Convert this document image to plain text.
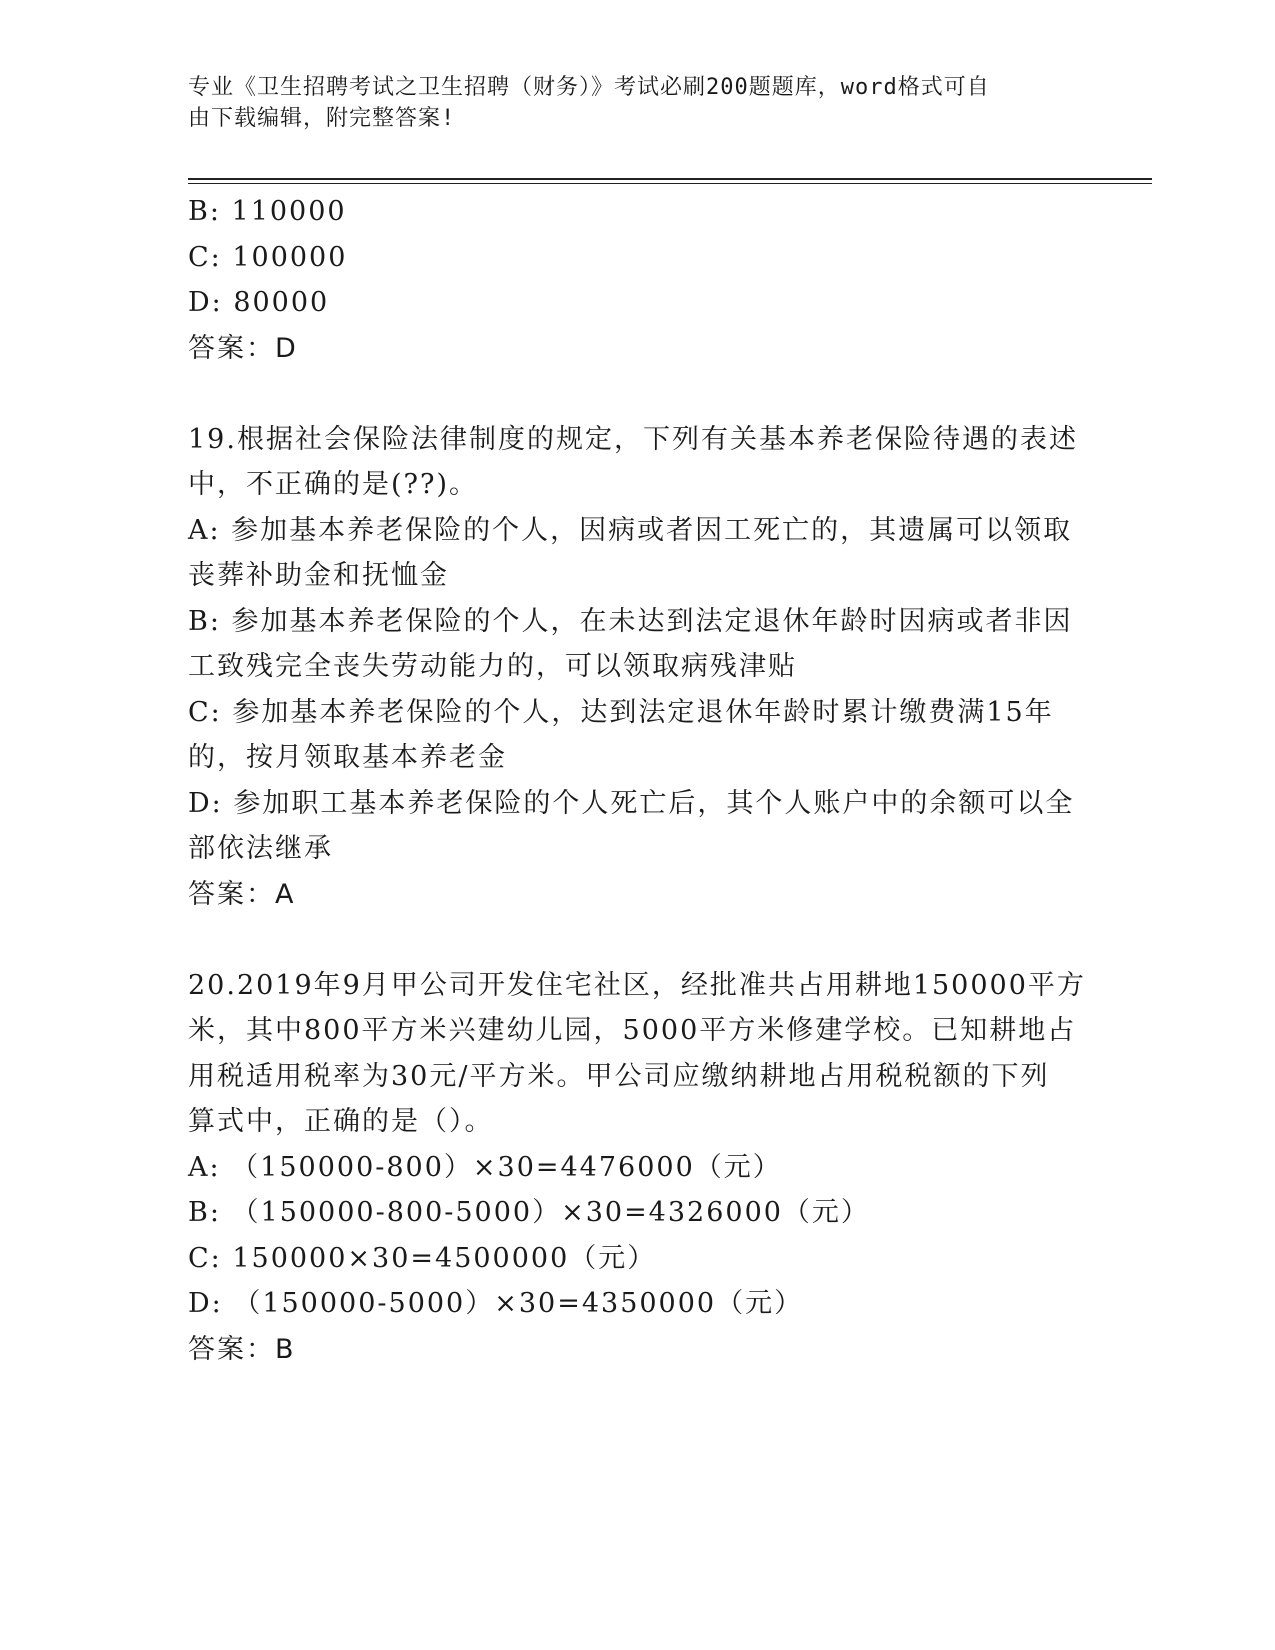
专业《卫生招聘考试之卫生招聘（财务）》考试必刷200题题库，word格式可自
由下载编辑，附完整答案!
B: 110000
C: 100000
D: 80000
答案：D
19.根据社会保险法律制度的规定，下列有关基本养老保险待遇的表述
中，不正确的是(??)。
A: 参加基本养老保险的个人，因病或者因工死亡的，其遗属可以领取
丧葬补助金和抚恤金
B: 参加基本养老保险的个人，在未达到法定退休年龄时因病或者非因
工致残完全丧失劳动能力的，可以领取病残津贴
C: 参加基本养老保险的个人，达到法定退休年龄时累计缴费满15年
的，按月领取基本养老金
D: 参加职工基本养老保险的个人死亡后，其个人账户中的余额可以全
部依法继承
答案：A
20.2019年9月甲公司开发住宅社区，经批准共占用耕地150000平方
米，其中800平方米兴建幼儿园，5000平方米修建学校。已知耕地占
用税适用税率为30元/平方米。甲公司应缴纳耕地占用税税额的下列
算式中，正确的是（）。
A: （150000-800）×30=4476000（元）
B: （150000-800-5000）×30=4326000（元）
C: 150000×30=4500000（元）
D: （150000-5000）×30=4350000（元）
答案：B
